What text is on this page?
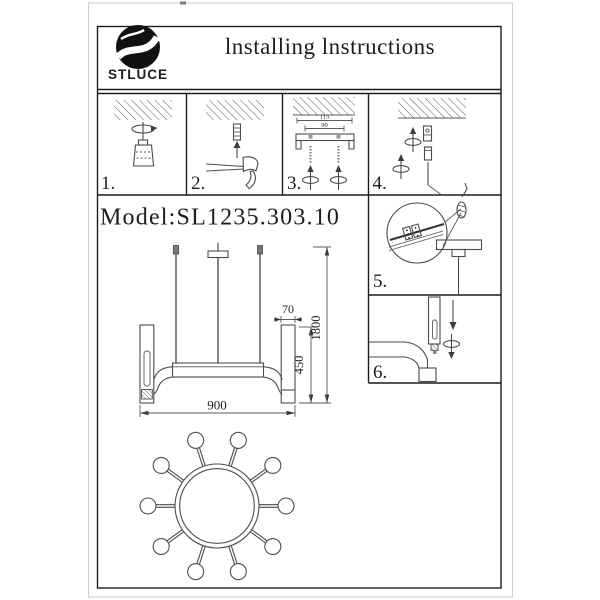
STLUCE
lnstalling lnstructions
1.	2.
115
90
3.	4.
5.
6.
Model:SL1235.303.10
70
450
1800
900
